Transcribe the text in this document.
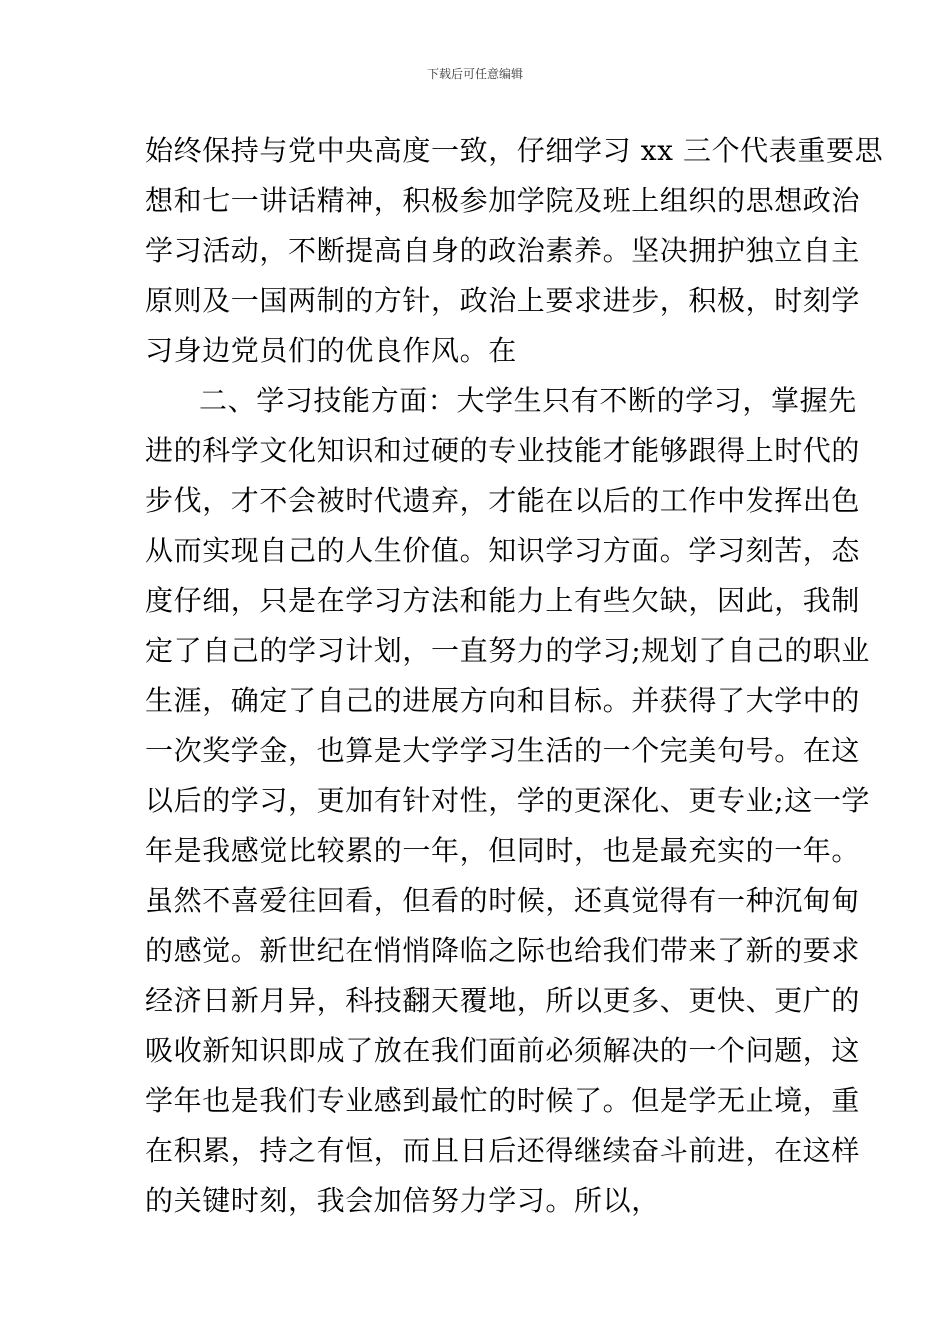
下载后可任意编辑
始终保持与党中央高度一致，仔细学习 xx 三个代表重要思
想和七一讲话精神，积极参加学院及班上组织的思想政治
学习活动，不断提高自身的政治素养。坚决拥护独立自主
原则及一国两制的方针，政治上要求进步，积极，时刻学
习身边党员们的优良作风。在
二、学习技能方面：大学生只有不断的学习，掌握先
进的科学文化知识和过硬的专业技能才能够跟得上时代的
步伐，才不会被时代遗弃，才能在以后的工作中发挥出色
从而实现自己的人生价值。知识学习方面。学习刻苦，态
度仔细，只是在学习方法和能力上有些欠缺，因此，我制
定了自己的学习计划，一直努力的学习;规划了自己的职业
生涯，确定了自己的进展方向和目标。并获得了大学中的
一次奖学金，也算是大学学习生活的一个完美句号。在这
以后的学习，更加有针对性，学的更深化、更专业;这一学
年是我感觉比较累的一年，但同时，也是最充实的一年。
虽然不喜爱往回看，但看的时候，还真觉得有一种沉甸甸
的感觉。新世纪在悄悄降临之际也给我们带来了新的要求
经济日新月异，科技翻天覆地，所以更多、更快、更广的
吸收新知识即成了放在我们面前必须解决的一个问题，这
学年也是我们专业感到最忙的时候了。但是学无止境，重
在积累，持之有恒，而且日后还得继续奋斗前进，在这样
的关键时刻，我会加倍努力学习。所以，
